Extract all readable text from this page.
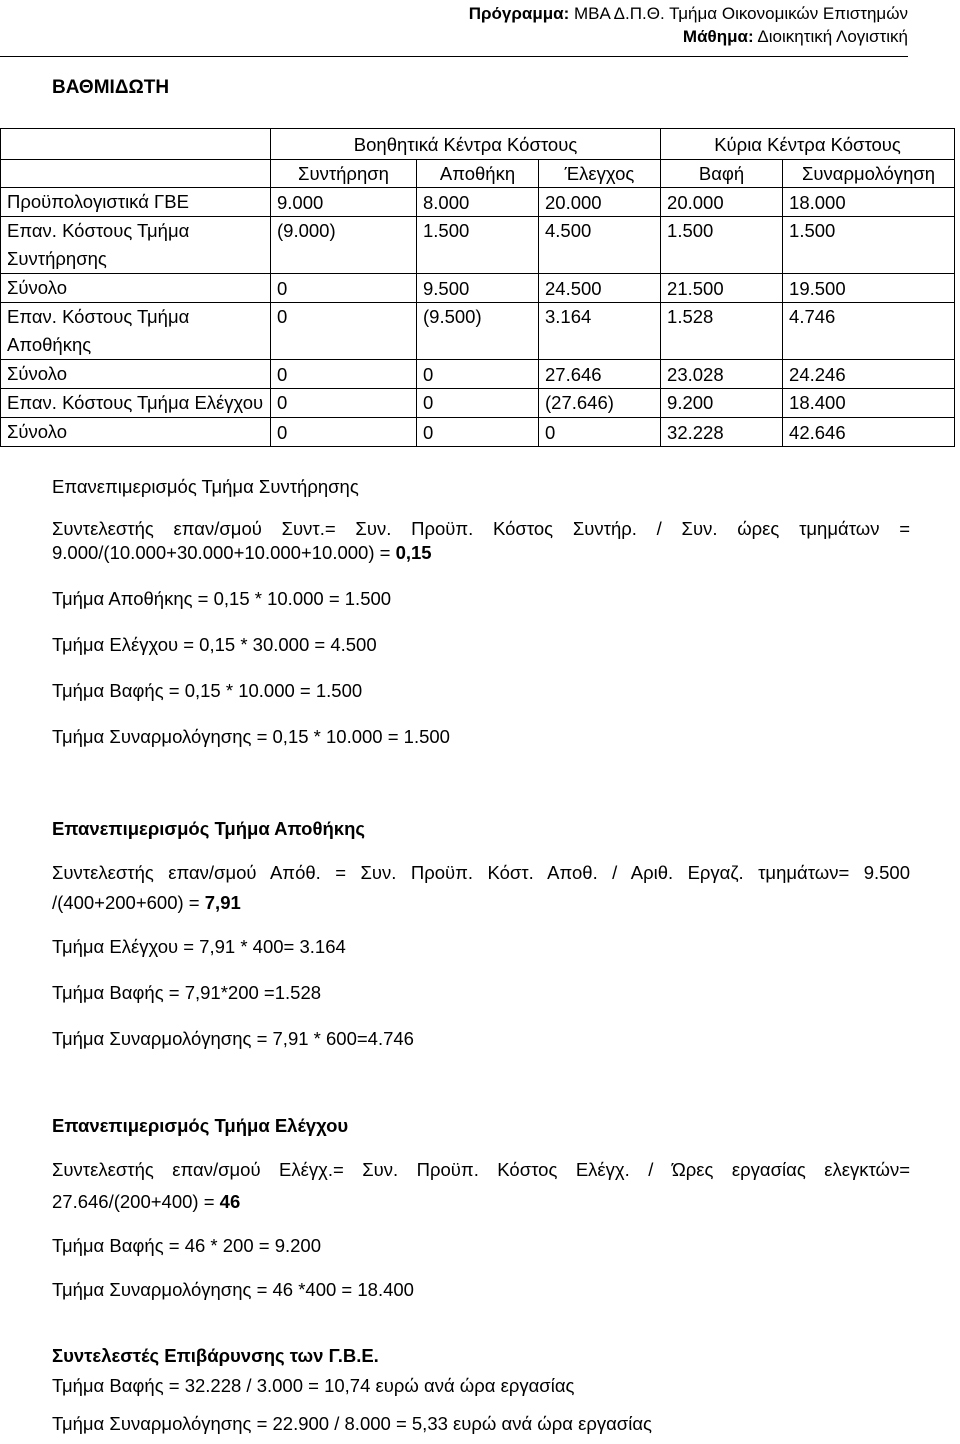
Πρόγραμμα: ΜΒΑ Δ.Π.Θ. Τμήμα Οικονομικών Επιστημών
Μάθημα: Διοικητική Λογιστική
ΒΑΘΜΙΔΩΤΗ
	Βοηθητικά Κέντρα Κόστους			Κύρια Κέντρα Κόστους	
	Συντήρηση	Αποθήκη	Έλεγχος	Βαφή	Συναρμολόγηση
Προϋπολογιστικά ΓΒΕ	9.000	8.000	20.000	20.000	18.000
Επαν. Κόστους Τμήμα Συντήρησης	(9.000)	1.500	4.500	1.500	1.500
Σύνολο	0	9.500	24.500	21.500	19.500
Επαν. Κόστους Τμήμα Αποθήκης	0	(9.500)	3.164	1.528	4.746
Σύνολο	0	0	27.646	23.028	24.246
Επαν. Κόστους Τμήμα Ελέγχου	0	0	(27.646)	9.200	18.400
Σύνολο	0	0	0	32.228	42.646
Επανεπιμερισμός Τμήμα Συντήρησης
Συντελεστής επαν/σμού Συντ.= Συν. Προϋπ. Κόστος Συντήρ. / Συν. ώρες τμημάτων =
9.000/(10.000+30.000+10.000+10.000) = 0,15
Τμήμα Αποθήκης = 0,15 * 10.000 = 1.500
Τμήμα Ελέγχου = 0,15 * 30.000 = 4.500
Τμήμα Βαφής = 0,15 * 10.000 = 1.500
Τμήμα Συναρμολόγησης = 0,15 * 10.000 = 1.500
Επανεπιμερισμός Τμήμα Αποθήκης
Συντελεστής επαν/σμού Απόθ. = Συν. Προϋπ. Κόστ. Αποθ. / Αριθ. Εργαζ. τμημάτων= 9.500
/(400+200+600) = 7,91
Τμήμα Ελέγχου = 7,91 * 400= 3.164
Τμήμα Βαφής = 7,91*200 =1.528
Τμήμα Συναρμολόγησης = 7,91 * 600=4.746
Επανεπιμερισμός Τμήμα Ελέγχου
Συντελεστής επαν/σμού Ελέγχ.= Συν. Προϋπ. Κόστος Ελέγχ. / Ώρες εργασίας ελεγκτών=
27.646/(200+400) = 46
Τμήμα Βαφής = 46 * 200 = 9.200
Τμήμα Συναρμολόγησης = 46 *400 = 18.400
Συντελεστές Επιβάρυνσης των Γ.Β.Ε.
Τμήμα Βαφής = 32.228 / 3.000 = 10,74 ευρώ ανά ώρα εργασίας
Τμήμα Συναρμολόγησης = 22.900 / 8.000 = 5,33 ευρώ ανά ώρα εργασίας
